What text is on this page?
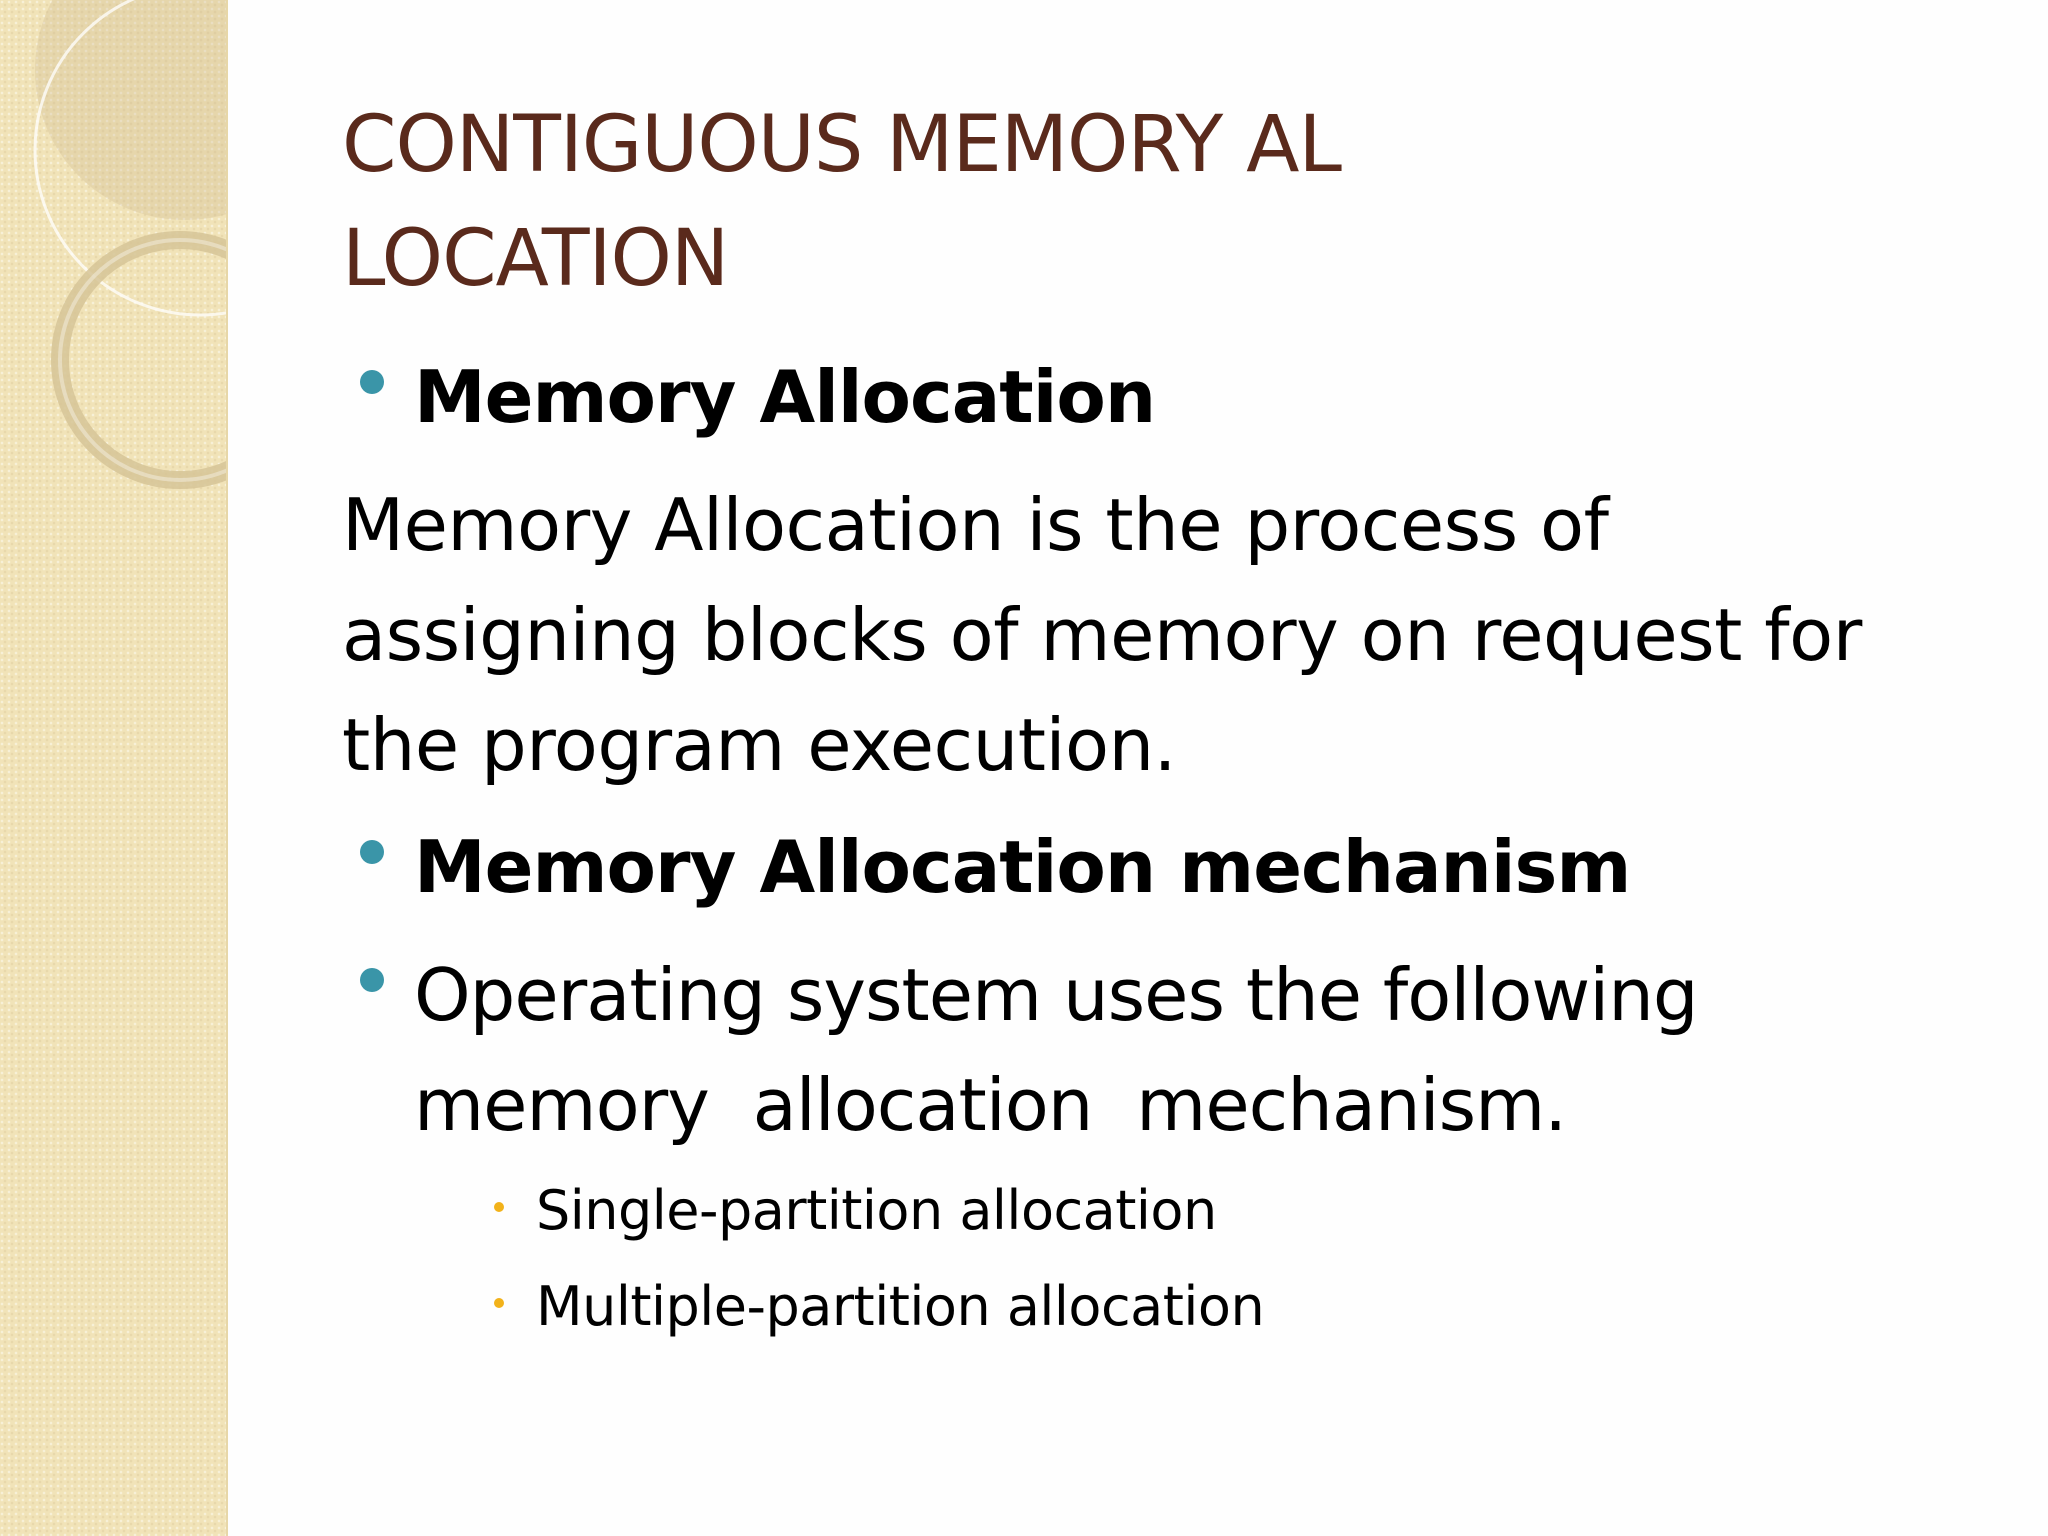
CONTIGUOUS MEMORY AL
LOCATION
Memory Allocation

Memory Allocation is the process of
assigning blocks of memory on request for
the program execution.

Memory Allocation mechanism
Operating system uses the following
memory  allocation  mechanism.
Single-partition allocation
Multiple-partition allocation
